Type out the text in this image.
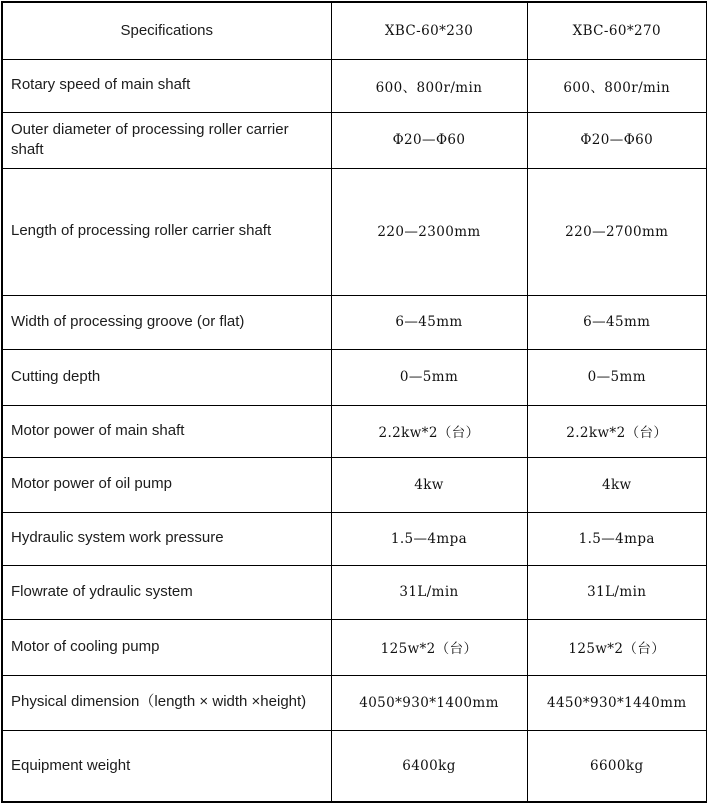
Specifications	XBC-60*230	XBC-60*270
Rotary speed of main shaft	600、800r/min	600、800r/min
Outer diameter of processing roller carrier shaft	Φ20—Φ60	Φ20—Φ60
Length of processing roller carrier shaft	220—2300mm	220—2700mm
Width of processing groove (or flat)	6—45mm	6—45mm
Cutting depth	0—5mm	0—5mm
Motor power of main shaft	2.2kw*2（台）	2.2kw*2（台）
Motor power of oil pump	4kw	4kw
Hydraulic system work pressure	1.5—4mpa	1.5—4mpa
Flowrate of ydraulic system	31L/min	31L/min
Motor of cooling pump	125w*2（台）	125w*2（台）
Physical dimension（length × width ×height)	4050*930*1400mm	4450*930*1440mm
Equipment weight	6400kg	6600kg
